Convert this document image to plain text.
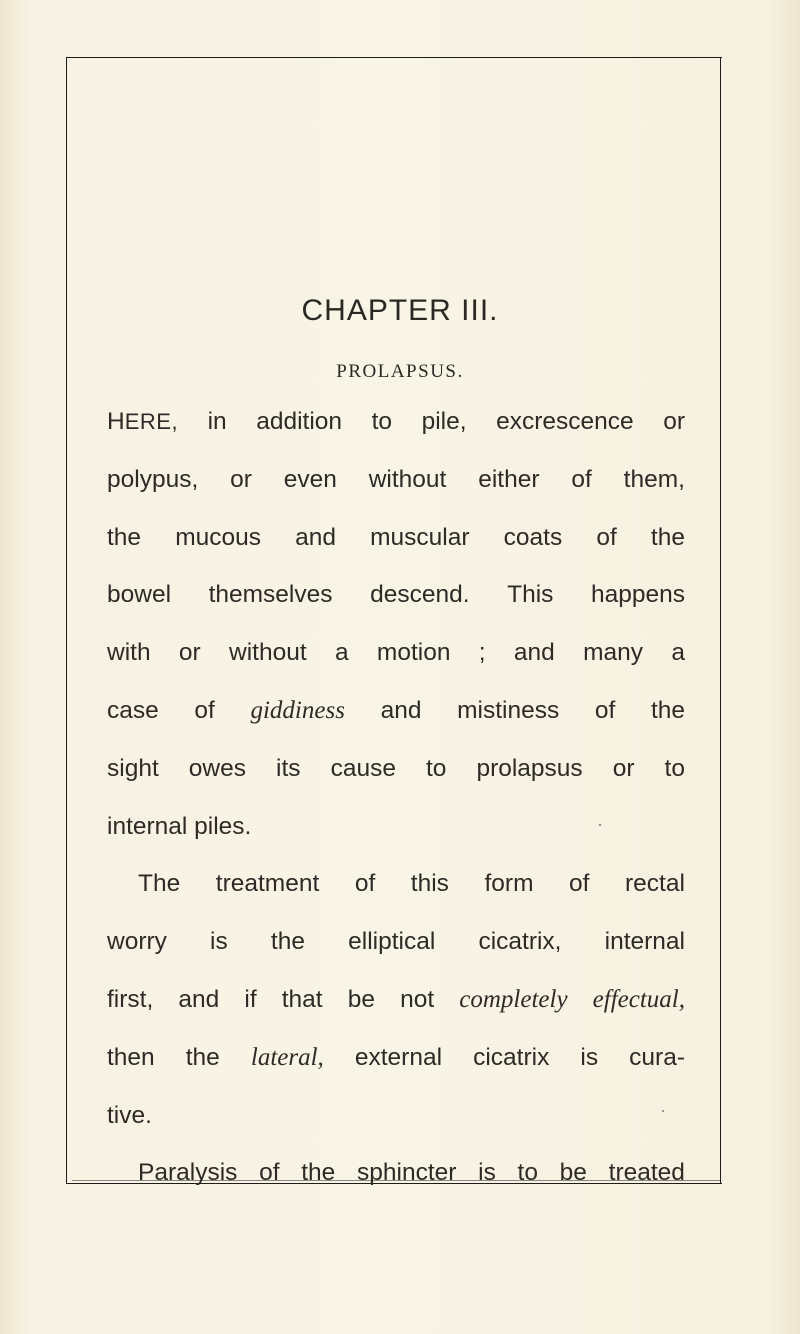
CHAPTER III.
PROLAPSUS.
HERE, in addition to pile, excrescence or
polypus, or even without either of them,
the mucous and muscular coats of the
bowel themselves descend. This happens
with or without a motion ; and many a
case of giddiness and mistiness of the
sight owes its cause to prolapsus or to
internal piles.
The treatment of this form of rectal
worry is the elliptical cicatrix, internal
first, and if that be not completely effectual,
then the lateral, external cicatrix is cura-
tive.
Paralysis of the sphincter is to be treated
